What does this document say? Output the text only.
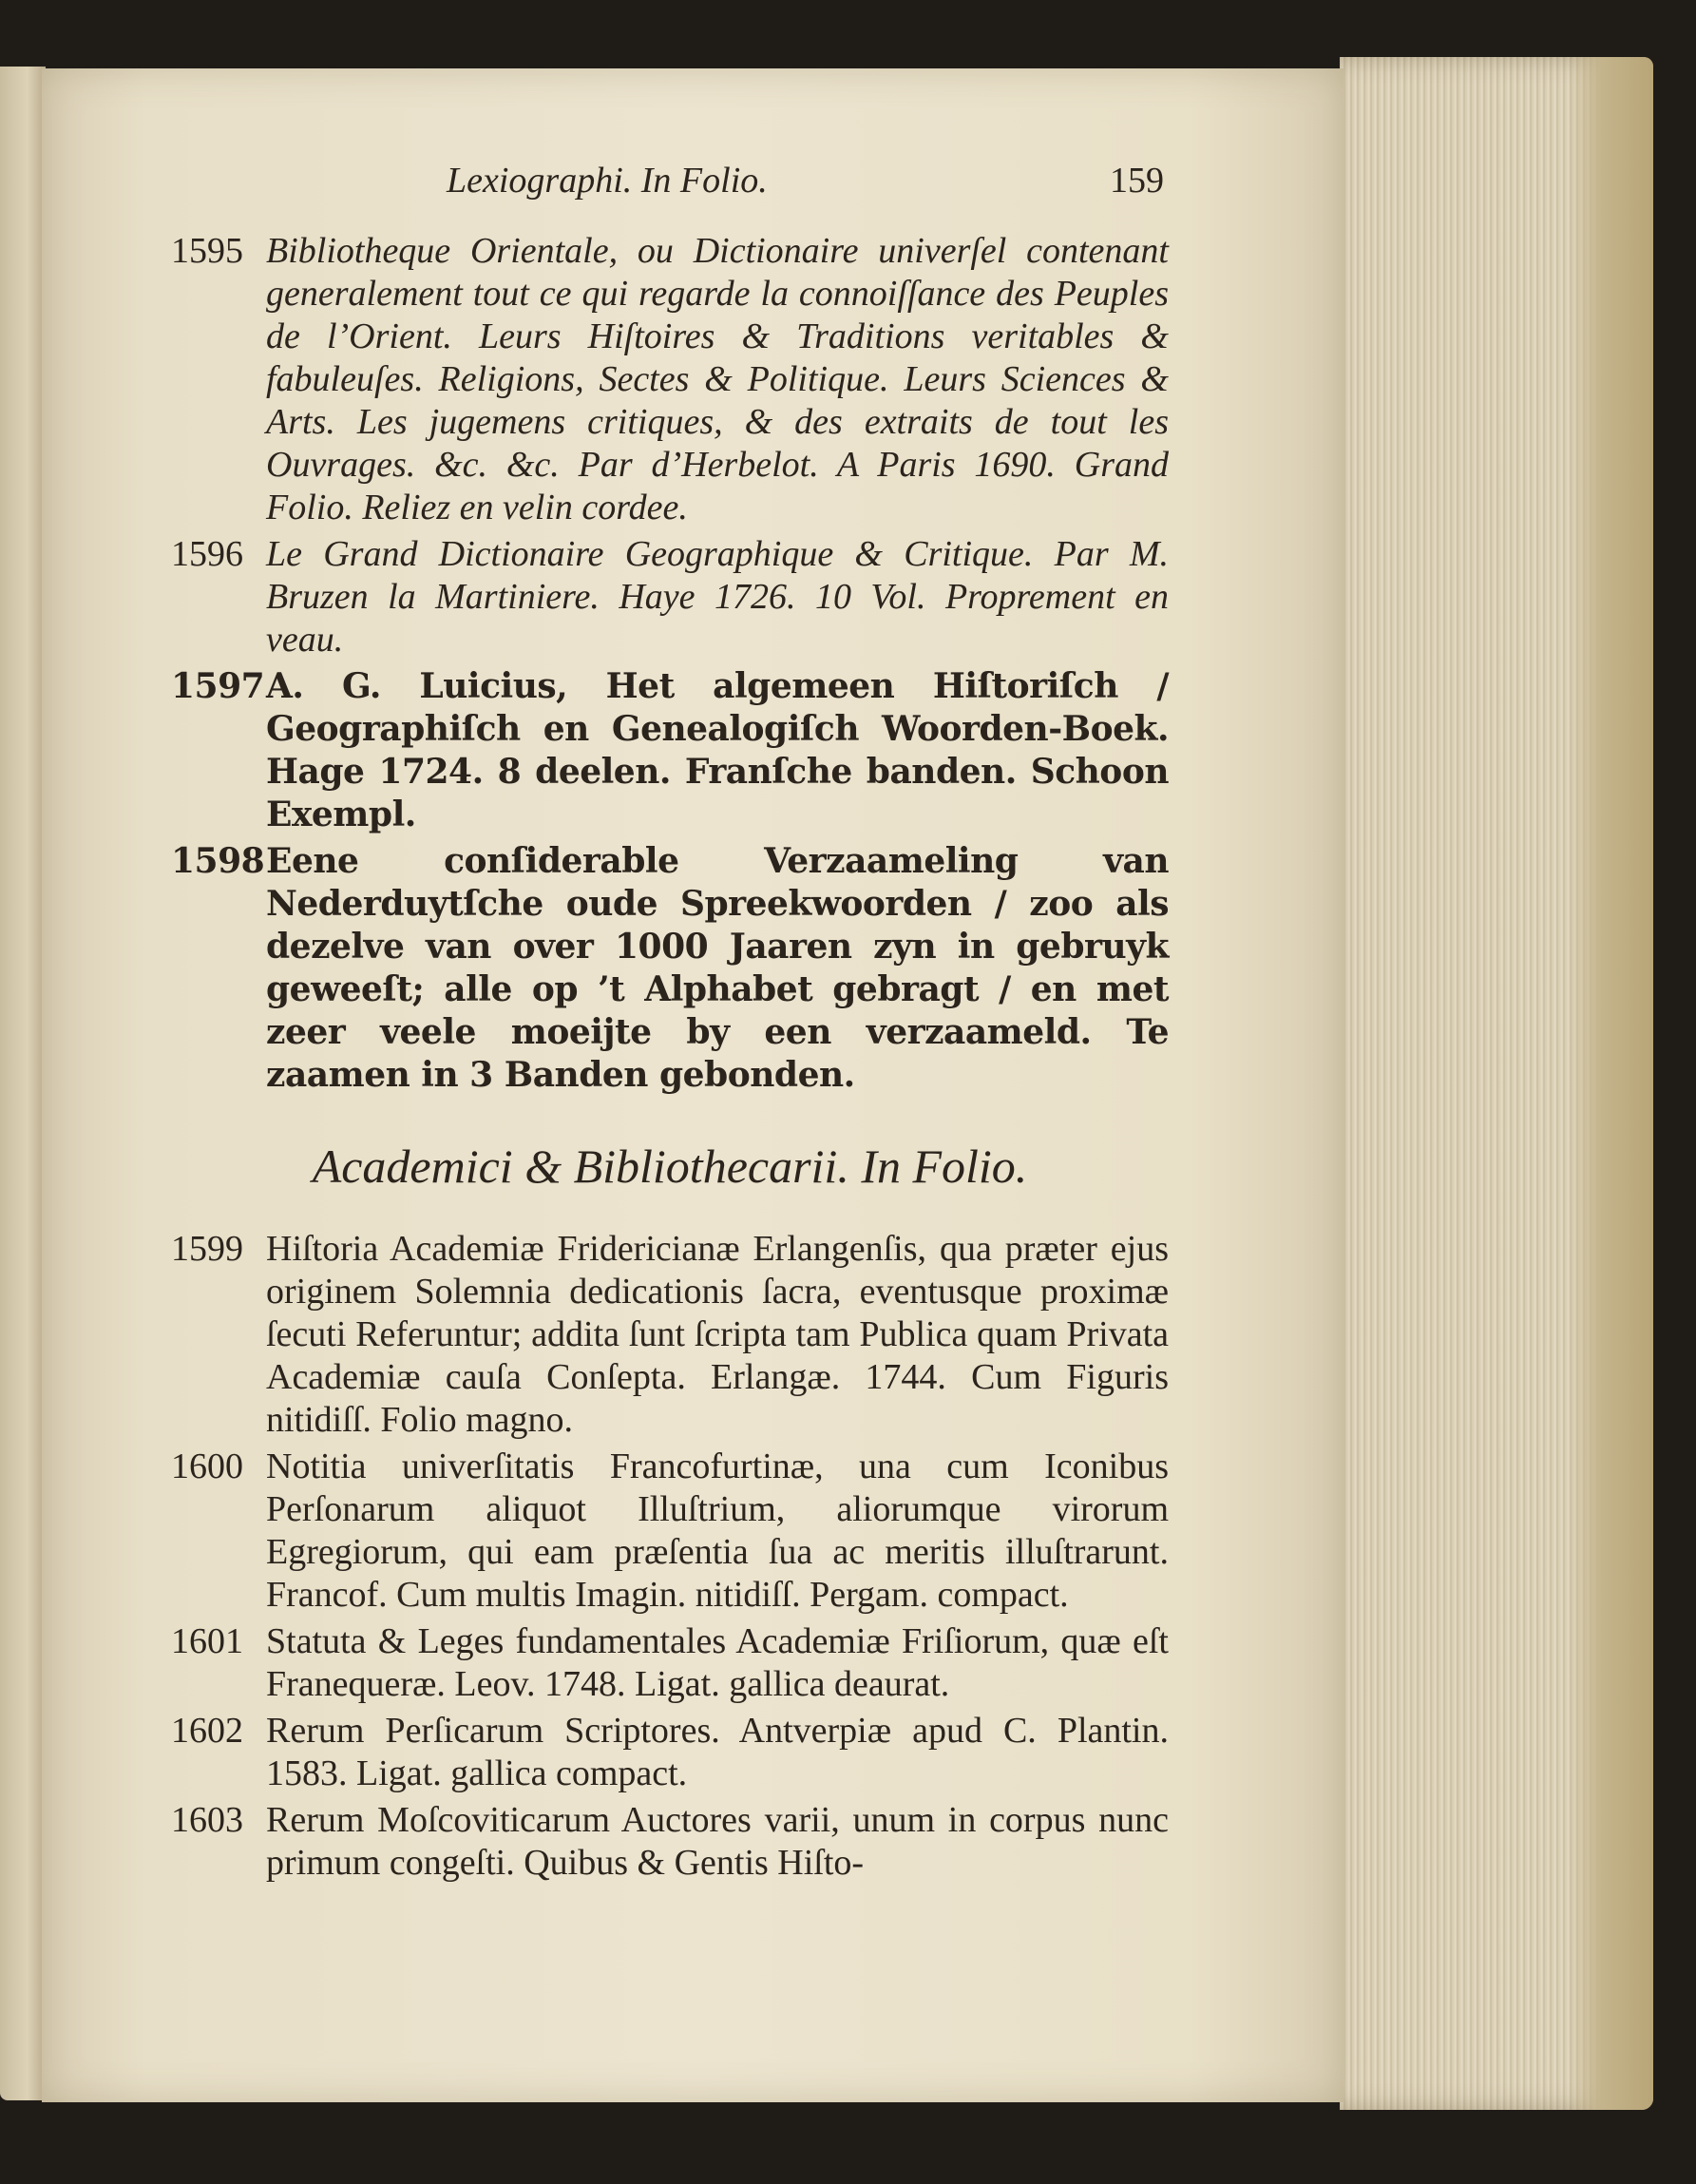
Lexiographi. In Folio.	159
1595 Bibliotheque Orientale, ou Dictionaire univerſel contenant generalement tout ce qui regarde la connoiſſance des Peuples de l’Orient. Leurs Hiſtoires & Traditions veritables & fabuleuſes. Religions, Sectes & Politique. Leurs Sciences & Arts. Les jugemens critiques, & des extraits de tout les Ouvrages. &c. &c. Par d’Herbelot. A Paris 1690. Grand Folio. Reliez en velin cordee.
1596 Le Grand Dictionaire Geographique & Critique. Par M. Bruzen la Martiniere. Haye 1726. 10 Vol. Proprement en veau.
1597 A. G. Luicius, Het algemeen Hiſtoriſch / Geographiſch en Genealogiſch Woorden-Boek. Hage 1724. 8 deelen. Franſche banden. Schoon Exempl.
1598 Eene conſiderable Verzaameling van Nederduytſche oude Spreekwoorden / zoo als dezelve van over 1000 Jaaren zyn in gebruyk geweeſt; alle op ’t Alphabet gebragt / en met zeer veele moeijte by een verzaameld. Te zaamen in 3 Banden gebonden.
Academici & Bibliothecarii. In Folio.
1599 Hiſtoria Academiæ Fridericianæ Erlangenſis, qua præter ejus originem Solemnia dedicationis ſacra, eventusque proximæ ſecuti Referuntur; addita ſunt ſcripta tam Publica quam Privata Academiæ cauſa Conſepta. Erlangæ. 1744. Cum Figuris nitidiſſ. Folio magno.
1600 Notitia univerſitatis Francofurtinæ, una cum Iconibus Perſonarum aliquot Illuſtrium, aliorumque virorum Egregiorum, qui eam præſentia ſua ac meritis illuſtrarunt. Francof. Cum multis Imagin. nitidiſſ. Pergam. compact.
1601 Statuta & Leges fundamentales Academiæ Friſiorum, quæ eſt Franequeræ. Leov. 1748. Ligat. gallica deaurat.
1602 Rerum Perſicarum Scriptores. Antverpiæ apud C. Plantin. 1583. Ligat. gallica compact.
1603 Rerum Moſcoviticarum Auctores varii, unum in corpus nunc primum congeſti. Quibus & Gentis Hiſto-
